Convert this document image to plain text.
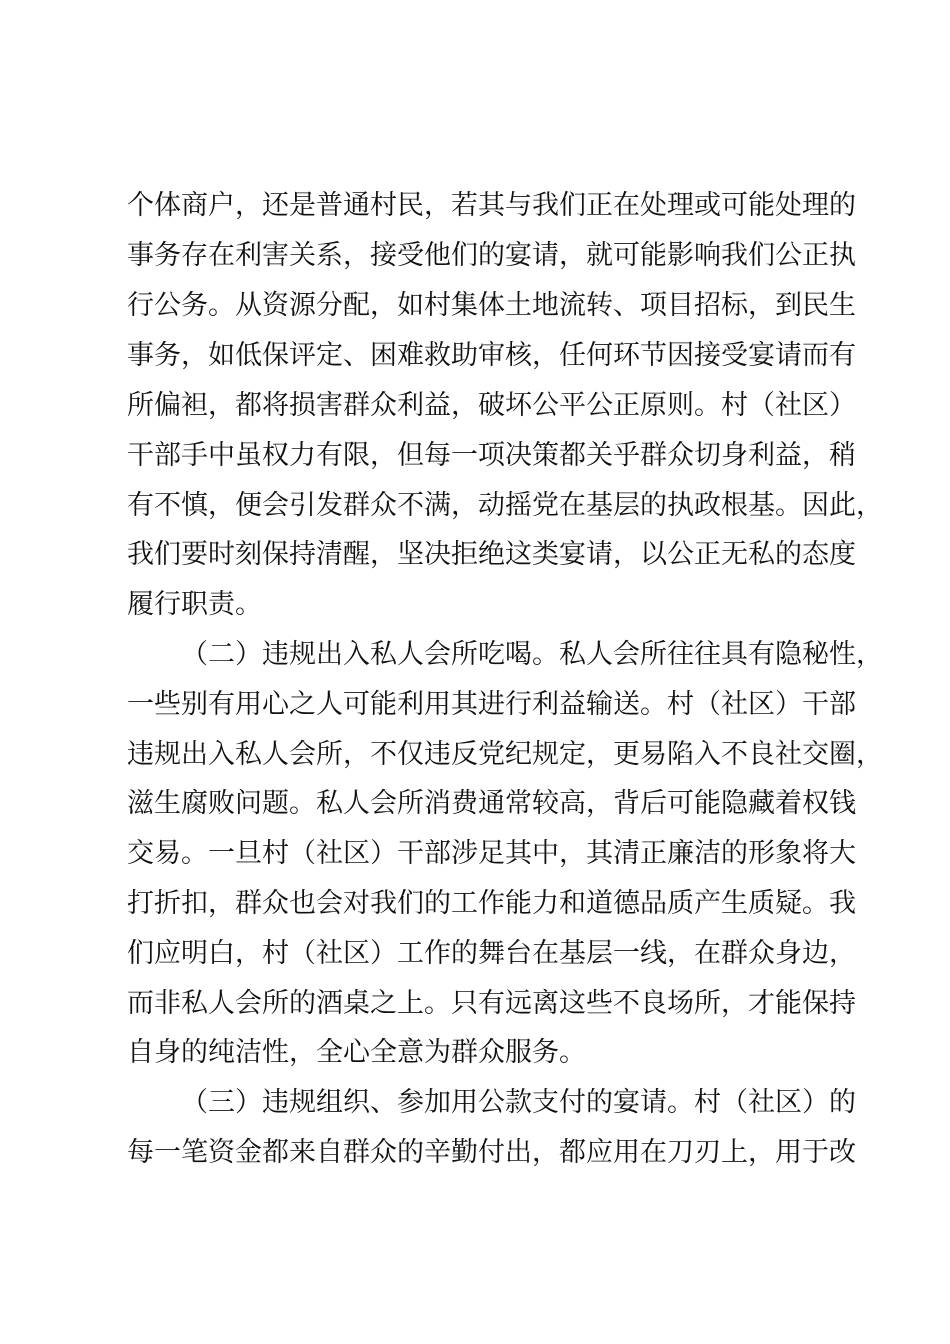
个体商户，还是普通村民，若其与我们正在处理或可能处理的
事务存在利害关系，接受他们的宴请，就可能影响我们公正执
行公务。从资源分配，如村集体土地流转、项目招标，到民生
事务，如低保评定、困难救助审核，任何环节因接受宴请而有
所偏袒，都将损害群众利益，破坏公平公正原则。村（社区）
干部手中虽权力有限，但每一项决策都关乎群众切身利益，稍
有不慎，便会引发群众不满，动摇党在基层的执政根基。因此，
我们要时刻保持清醒，坚决拒绝这类宴请，以公正无私的态度
履行职责。
（二）违规出入私人会所吃喝。私人会所往往具有隐秘性，
一些别有用心之人可能利用其进行利益输送。村（社区）干部
违规出入私人会所，不仅违反党纪规定，更易陷入不良社交圈，
滋生腐败问题。私人会所消费通常较高，背后可能隐藏着权钱
交易。一旦村（社区）干部涉足其中，其清正廉洁的形象将大
打折扣，群众也会对我们的工作能力和道德品质产生质疑。我
们应明白，村（社区）工作的舞台在基层一线，在群众身边，
而非私人会所的酒桌之上。只有远离这些不良场所，才能保持
自身的纯洁性，全心全意为群众服务。
（三）违规组织、参加用公款支付的宴请。村（社区）的
每一笔资金都来自群众的辛勤付出，都应用在刀刃上，用于改
